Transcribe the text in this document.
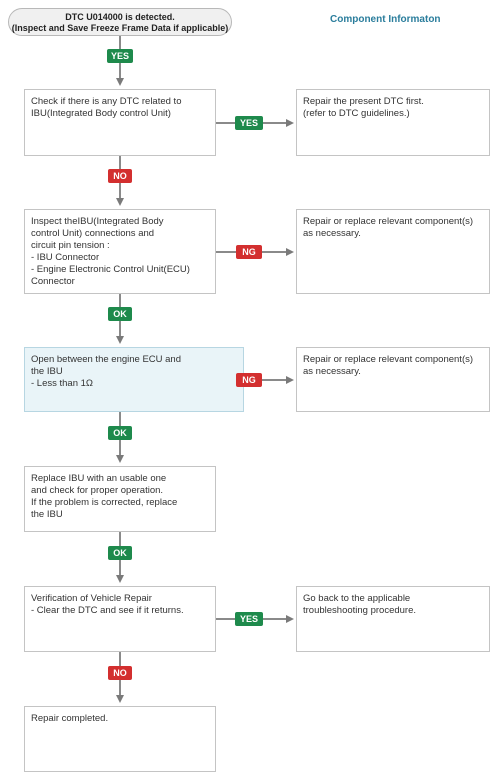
DTC U014000 is detected.
(Inspect and Save Freeze Frame Data if applicable)
Component Informaton
Check if there is any DTC related to
IBU(Integrated Body control Unit)
Inspect theIBU(Integrated Body
control Unit) connections and
circuit pin tension :
- IBU Connector
- Engine Electronic Control Unit(ECU)
Connector
Open between the engine ECU and
the IBU
- Less than 1Ω
Replace IBU with an usable one
and check for proper operation.
If the problem is corrected, replace
the IBU
Verification of Vehicle Repair
- Clear the DTC and see if it returns.
Repair completed.
Repair the present DTC first.
(refer to DTC guidelines.)
Repair or replace relevant component(s)
as necessary.
Repair or replace relevant component(s)
as necessary.
Go back to the applicable
troubleshooting procedure.
YES
YES
NO
NG
OK
NG
OK
OK
YES
NO
